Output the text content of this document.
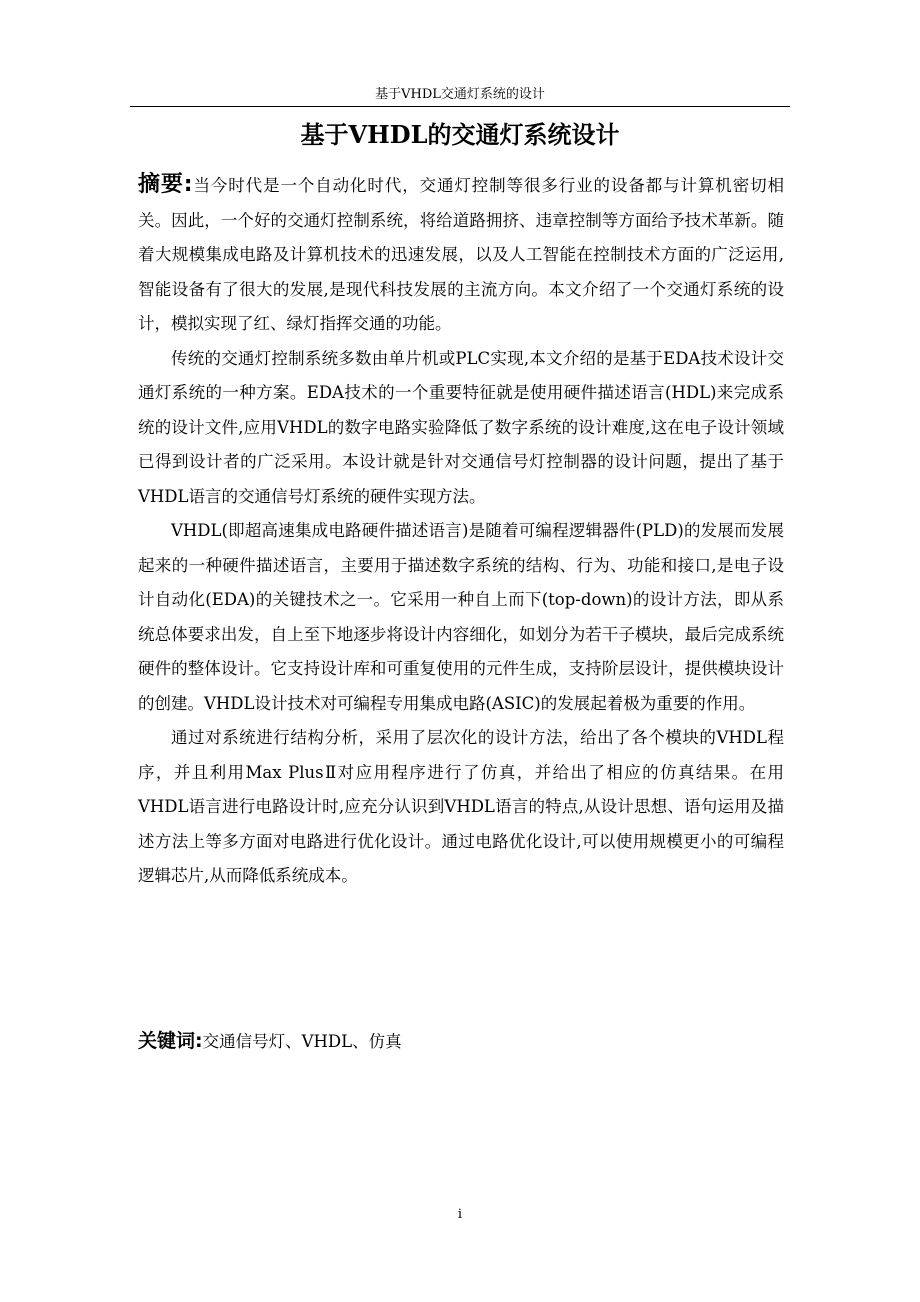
基于VHDL交通灯系统的设计
基于VHDL的交通灯系统设计

摘要:当今时代是一个自动化时代，交通灯控制等很多行业的设备都与计算机密切相关。因此，一个好的交通灯控制系统，将给道路拥挤、违章控制等方面给予技术革新。随着大规模集成电路及计算机技术的迅速发展，以及人工智能在控制技术方面的广泛运用,智能设备有了很大的发展,是现代科技发展的主流方向。本文介绍了一个交通灯系统的设计，模拟实现了红、绿灯指挥交通的功能。

传统的交通灯控制系统多数由单片机或PLC实现,本文介绍的是基于EDA技术设计交通灯系统的一种方案。EDA技术的一个重要特征就是使用硬件描述语言(HDL)来完成系统的设计文件,应用VHDL的数字电路实验降低了数字系统的设计难度,这在电子设计领域已得到设计者的广泛采用。本设计就是针对交通信号灯控制器的设计问题，提出了基于VHDL语言的交通信号灯系统的硬件实现方法。

VHDL(即超高速集成电路硬件描述语言)是随着可编程逻辑器件(PLD)的发展而发展起来的一种硬件描述语言，主要用于描述数字系统的结构、行为、功能和接口,是电子设计自动化(EDA)的关键技术之一。它采用一种自上而下(top-down)的设计方法，即从系统总体要求出发，自上至下地逐步将设计内容细化，如划分为若干子模块，最后完成系统硬件的整体设计。它支持设计库和可重复使用的元件生成，支持阶层设计，提供模块设计的创建。VHDL设计技术对可编程专用集成电路(ASIC)的发展起着极为重要的作用。

通过对系统进行结构分析，采用了层次化的设计方法，给出了各个模块的VHDL程序，并且利用Max PlusⅡ对应用程序进行了仿真，并给出了相应的仿真结果。在用VHDL语言进行电路设计时,应充分认识到VHDL语言的特点,从设计思想、语句运用及描述方法上等多方面对电路进行优化设计。通过电路优化设计,可以使用规模更小的可编程逻辑芯片,从而降低系统成本。

关键词:交通信号灯、VHDL、仿真

i
